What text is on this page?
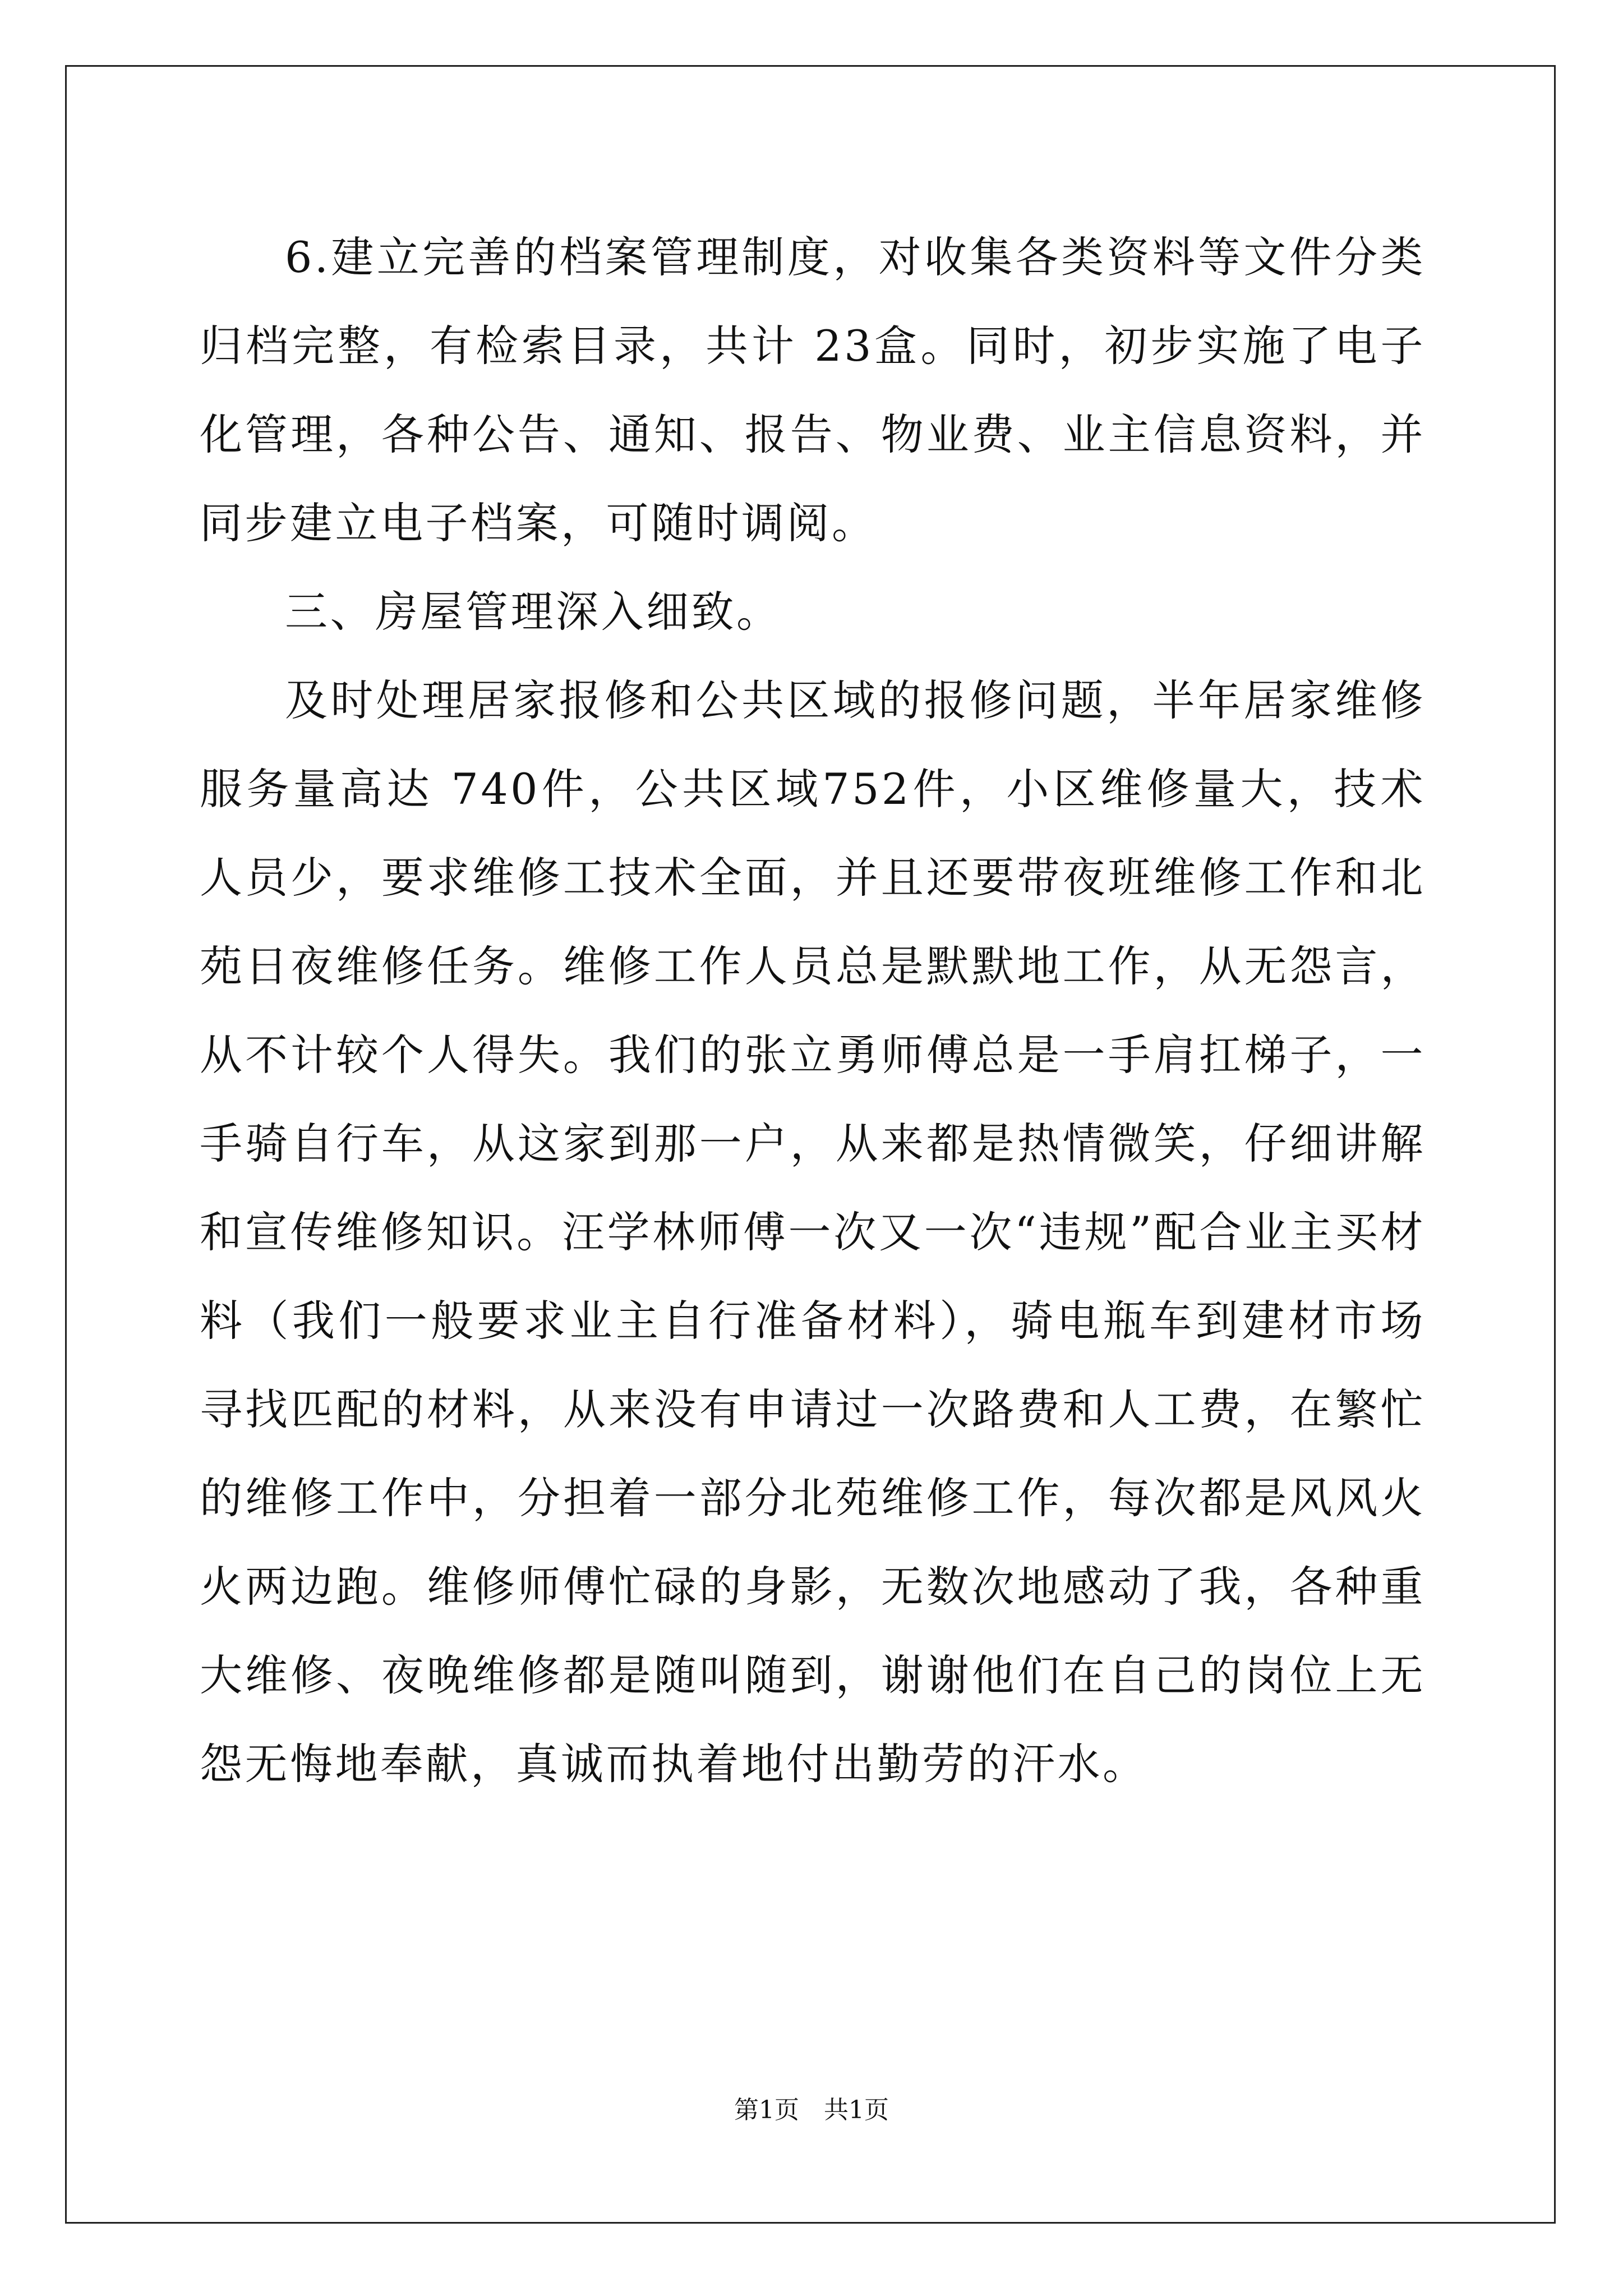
6.建立完善的档案管理制度，对收集各类资料等文件分类归档完整，有检索目录，共计 23盒。同时，初步实施了电子化管理，各种公告、通知、报告、物业费、业主信息资料，并同步建立电子档案，可随时调阅。

三、房屋管理深入细致。

及时处理居家报修和公共区域的报修问题，半年居家维修服务量高达 740件，公共区域752件，小区维修量大，技术人员少，要求维修工技术全面，并且还要带夜班维修工作和北苑日夜维修任务。维修工作人员总是默默地工作，从无怨言，从不计较个人得失。我们的张立勇师傅总是一手肩扛梯子，一手骑自行车，从这家到那一户，从来都是热情微笑，仔细讲解和宣传维修知识。汪学林师傅一次又一次“违规”配合业主买材料（我们一般要求业主自行准备材料），骑电瓶车到建材市场寻找匹配的材料，从来没有申请过一次路费和人工费，在繁忙的维修工作中，分担着一部分北苑维修工作，每次都是风风火火两边跑。维修师傅忙碌的身影，无数次地感动了我，各种重大维修、夜晚维修都是随叫随到，谢谢他们在自己的岗位上无怨无悔地奉献，真诚而执着地付出勤劳的汗水。

第1页 共1页
